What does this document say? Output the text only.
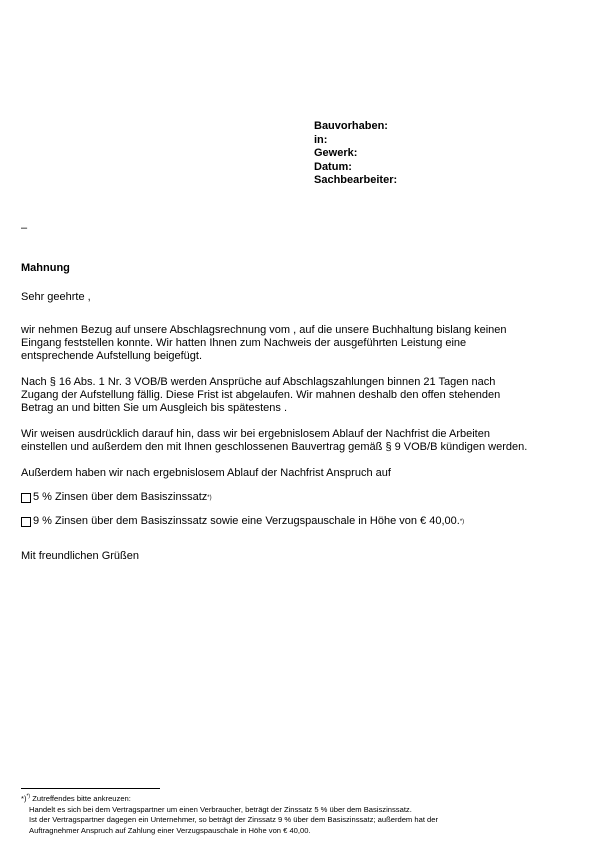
Bauvorhaben:
in:
Gewerk:
Datum:
Sachbearbeiter:
–
Mahnung
Sehr geehrte ,
wir nehmen Bezug auf unsere Abschlagsrechnung vom , auf die unsere Buchhaltung bislang keinen Eingang feststellen konnte. Wir hatten Ihnen zum Nachweis der ausgeführten Leistung eine entsprechende Aufstellung beigefügt.
Nach § 16 Abs. 1 Nr. 3 VOB/B werden Ansprüche auf Abschlagszahlungen binnen 21 Tagen nach Zugang der Aufstellung fällig. Diese Frist ist abgelaufen. Wir mahnen deshalb den offen stehenden Betrag an und bitten Sie um Ausgleich bis spätestens .
Wir weisen ausdrücklich darauf hin, dass wir bei ergebnislosem Ablauf der Nachfrist die Arbeiten einstellen und außerdem den mit Ihnen geschlossenen Bauvertrag gemäß § 9 VOB/B kündigen werden.
Außerdem haben wir nach ergebnislosem Ablauf der Nachfrist Anspruch auf
5 % Zinsen über dem Basiszinssatz *)
9 % Zinsen über dem Basiszinssatz sowie eine Verzugspauschale in Höhe von € 40,00. *)
Mit freundlichen Grüßen
*)*) Zutreffendes bitte ankreuzen:
Handelt es sich bei dem Vertragspartner um einen Verbraucher, beträgt der Zinssatz 5 % über dem Basiszinssatz.
Ist der Vertragspartner dagegen ein Unternehmer, so beträgt der Zinssatz 9 % über dem Basiszinssatz; außerdem hat der
Auftragnehmer Anspruch auf Zahlung einer Verzugspauschale in Höhe von € 40,00.
